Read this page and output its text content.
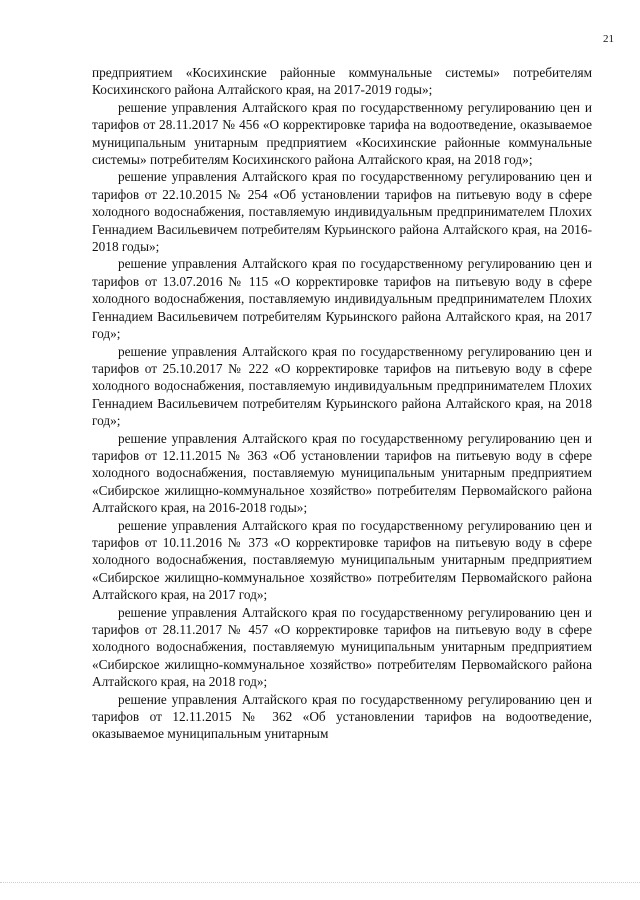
21

предприятием «Косихинские районные коммунальные системы» потребителям Косихинского района Алтайского края, на 2017-2019 годы»;

решение управления Алтайского края по государственному регулированию цен и тарифов от 28.11.2017 № 456 «О корректировке тарифа на водоотведение, оказываемое муниципальным унитарным предприятием «Косихинские районные коммунальные системы» потребителям Косихинского района Алтайского края, на 2018 год»;

решение управления Алтайского края по государственному регулированию цен и тарифов от 22.10.2015 № 254 «Об установлении тарифов на питьевую воду в сфере холодного водоснабжения, поставляемую индивидуальным предпринимателем Плохих Геннадием Васильевичем потребителям Курьинского района Алтайского края, на 2016-2018 годы»;

решение управления Алтайского края по государственному регулированию цен и тарифов от 13.07.2016 № 115 «О корректировке тарифов на питьевую воду в сфере холодного водоснабжения, поставляемую индивидуальным предпринимателем Плохих Геннадием Васильевичем потребителям Курьинского района Алтайского края, на 2017 год»;

решение управления Алтайского края по государственному регулированию цен и тарифов от 25.10.2017 № 222 «О корректировке тарифов на питьевую воду в сфере холодного водоснабжения, поставляемую индивидуальным предпринимателем Плохих Геннадием Васильевичем потребителям Курьинского района Алтайского края, на 2018 год»;

решение управления Алтайского края по государственному регулированию цен и тарифов от 12.11.2015 № 363 «Об установлении тарифов на питьевую воду в сфере холодного водоснабжения, поставляемую муниципальным унитарным предприятием «Сибирское жилищно-коммунальное хозяйство» потребителям Первомайского района Алтайского края, на 2016-2018 годы»;

решение управления Алтайского края по государственному регулированию цен и тарифов от 10.11.2016 № 373 «О корректировке тарифов на питьевую воду в сфере холодного водоснабжения, поставляемую муниципальным унитарным предприятием «Сибирское жилищно-коммунальное хозяйство» потребителям Первомайского района Алтайского края, на 2017 год»;

решение управления Алтайского края по государственному регулированию цен и тарифов от 28.11.2017 № 457 «О корректировке тарифов на питьевую воду в сфере холодного водоснабжения, поставляемую муниципальным унитарным предприятием «Сибирское жилищно-коммунальное хозяйство» потребителям Первомайского района Алтайского края, на 2018 год»;

решение управления Алтайского края по государственному регулированию цен и тарифов от 12.11.2015 № 362 «Об установлении тарифов на водоотведение, оказываемое муниципальным унитарным
